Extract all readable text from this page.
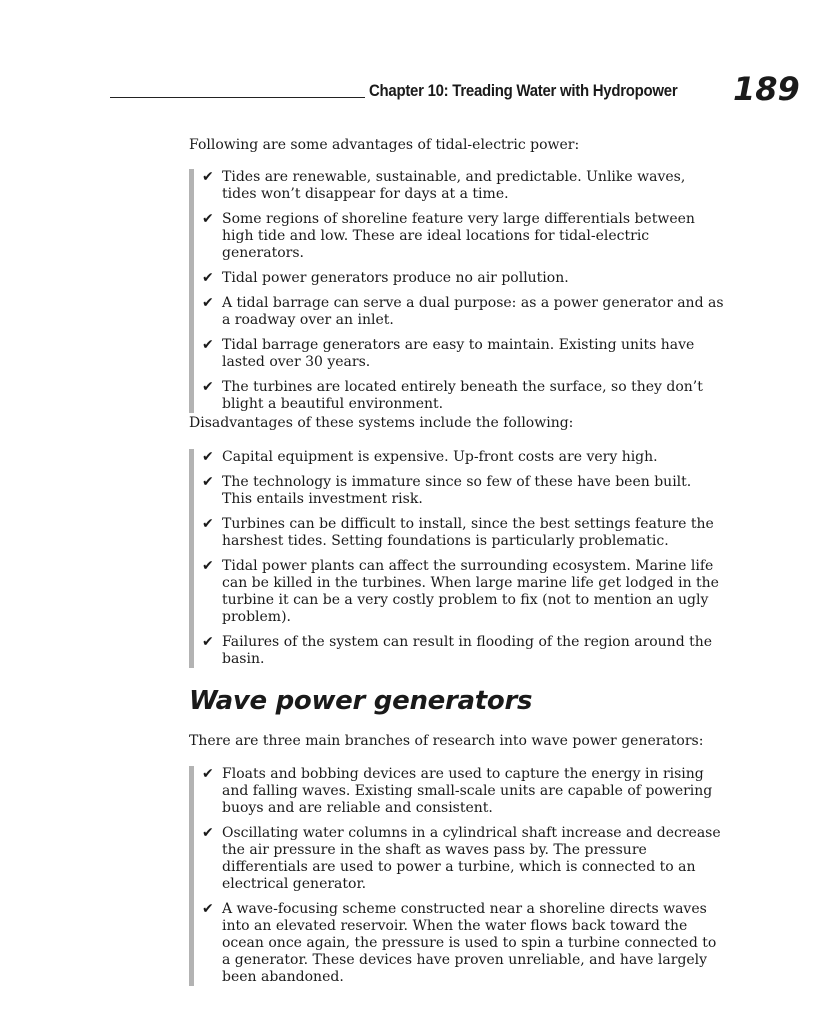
Chapter 10: Treading Water with Hydropower 189

Following are some advantages of tidal-electric power:

✔ Tides are renewable, sustainable, and predictable. Unlike waves, tides won’t disappear for days at a time.
✔ Some regions of shoreline feature very large differentials between high tide and low. These are ideal locations for tidal-electric generators.
✔ Tidal power generators produce no air pollution.
✔ A tidal barrage can serve a dual purpose: as a power generator and as a roadway over an inlet.
✔ Tidal barrage generators are easy to maintain. Existing units have lasted over 30 years.
✔ The turbines are located entirely beneath the surface, so they don’t blight a beautiful environment.

Disadvantages of these systems include the following:

✔ Capital equipment is expensive. Up-front costs are very high.
✔ The technology is immature since so few of these have been built. This entails investment risk.
✔ Turbines can be difficult to install, since the best settings feature the harshest tides. Setting foundations is particularly problematic.
✔ Tidal power plants can affect the surrounding ecosystem. Marine life can be killed in the turbines. When large marine life get lodged in the turbine it can be a very costly problem to fix (not to mention an ugly problem).
✔ Failures of the system can result in flooding of the region around the basin.
Wave power generators

There are three main branches of research into wave power generators:

✔ Floats and bobbing devices are used to capture the energy in rising and falling waves. Existing small-scale units are capable of powering buoys and are reliable and consistent.
✔ Oscillating water columns in a cylindrical shaft increase and decrease the air pressure in the shaft as waves pass by. The pressure differentials are used to power a turbine, which is connected to an electrical generator.
✔ A wave-focusing scheme constructed near a shoreline directs waves into an elevated reservoir. When the water flows back toward the ocean once again, the pressure is used to spin a turbine connected to a generator. These devices have proven unreliable, and have largely been abandoned.
